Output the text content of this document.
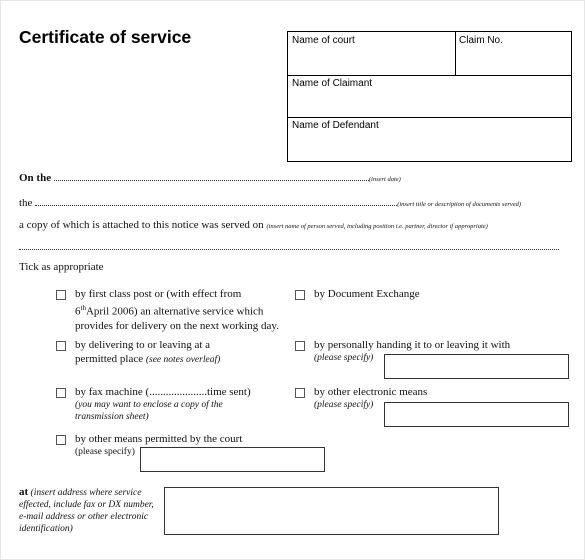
Certificate of service	Name of court	Claim No.
Name of Claimant
Name of Defendant
On the	(insert date)
the	(insert title or description of documents served)
a copy of which is attached to this notice was served on (insert name of person served, including position i.e. partner, director if appropriate)
Tick as appropriate
by first class post or (with effect from
6thApril 2006) an alternative service which
provides for delivery on the next working day.
by Document Exchange
by delivering to or leaving at a
permitted place (see notes overleaf)
by personally handing it to or leaving it with
(please specify)
by fax machine (.....................time sent)
(you may want to enclose a copy of the
transmission sheet)
by other electronic means
(please specify)
by other means permitted by the court
(please specify)
at (insert address where service
effected, include fax or DX number,
e-mail address or other electronic
identification)
